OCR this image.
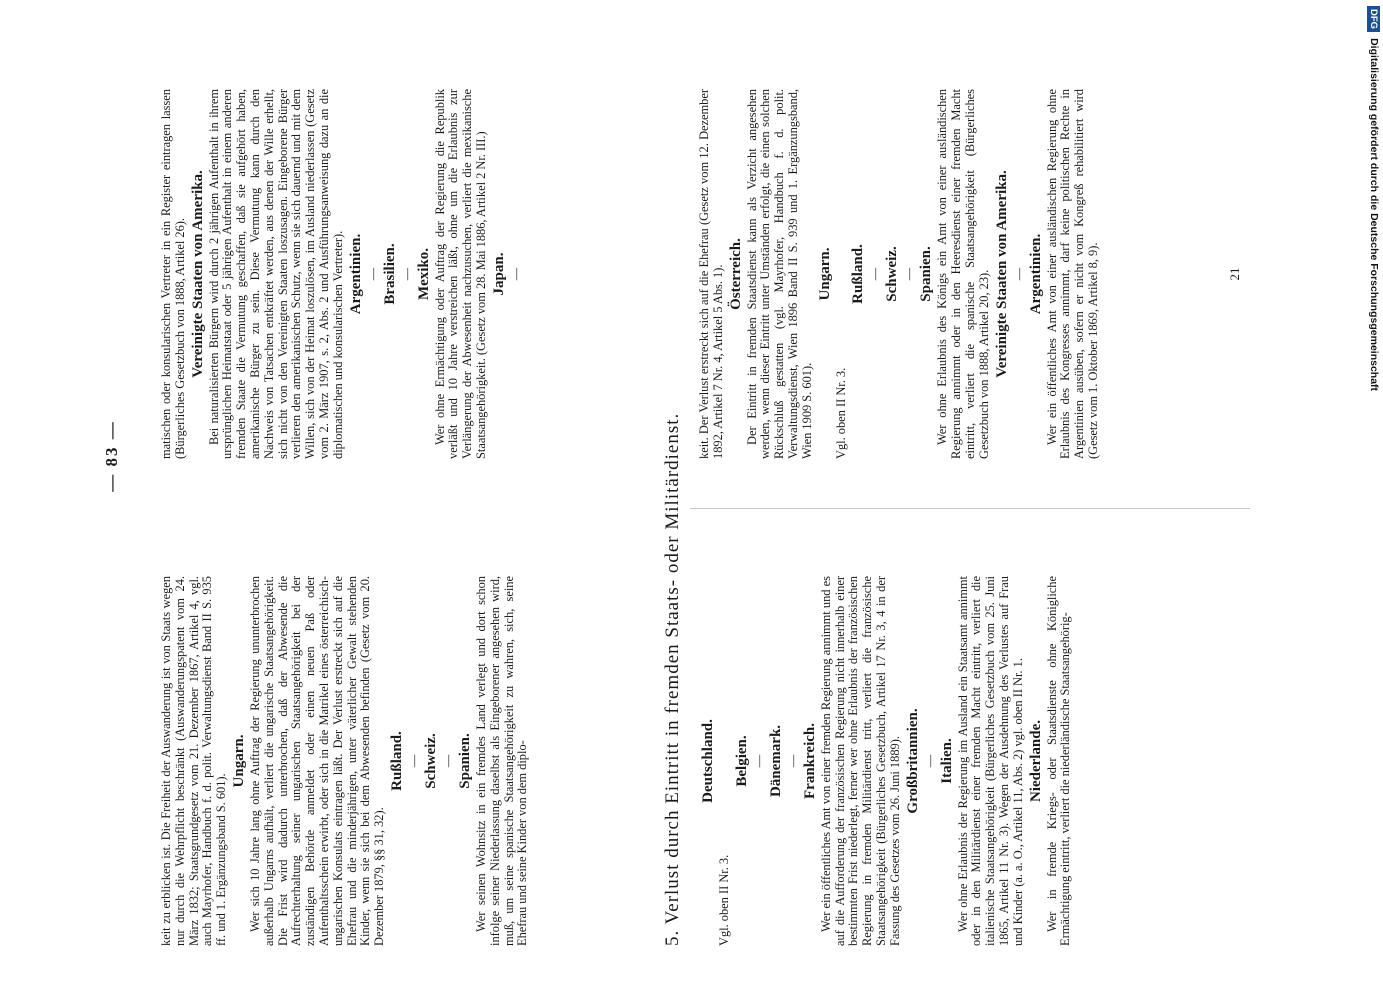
— 83 —
keit zu erblicken ist. Die Freiheit der Auswanderung ist von Staats wegen nur durch die Wehrpflicht beschränkt (Auswanderungspatent vom 24. März 1832; Staatsgrundgesetz vom 21. Dezember 1867, Artikel 4, vgl. auch Mayrhofer, Handbuch f. d. polit. Verwaltungsdienst Band II S. 935 ff. und 1. Ergänzungsband S. 601).
Ungarn. Wer sich 10 Jahre lang ohne Auftrag der Regierung ununterbrochen außerhalb Ungarns aufhält, verliert die ungarische Staatsangehörigkeit. Die Frist wird dadurch unterbrochen, daß der Abwesende die Aufrechterhaltung seiner ungarischen Staatsangehörigkeit bei der zuständigen Behörde anmeldet oder einen neuen Paß oder Aufenthaltsschein erwirbt, oder sich in die Matrikel eines österreichisch-ungarischen Konsulats eintragen läßt. Der Verlust erstreckt sich auf die Ehefrau und die minderjährigen, unter väterlicher Gewalt stehenden Kinder, wenn sie sich bei dem Abwesenden befinden (Gesetz vom 20. Dezember 1879, §§ 31, 32).
Rußland. — Schweiz. — Spanien. Wer seinen Wohnsitz in ein fremdes Land verlegt und dort schon infolge seiner Niederlassung daselbst als Eingeborener angesehen wird, muß, um seine spanische Staatsangehörigkeit zu wahren, sich, seine Ehefrau und seine Kinder von dem diplo-	Deutschland.
Vgl. oben II Nr. 3.
Belgien. — Dänemark. — Frankreich. Wer ein öffentliches Amt von einer fremden Regierung annimmt und es auf die Aufforderung der französischen Regierung nicht innerhalb einer bestimmten Frist niederlegt, ferner wer ohne Erlaubnis der französischen Regierung in fremden Militärdienst tritt, verliert die französische Staatsangehörigkeit (Bürgerliches Gesetzbuch, Artikel 17 Nr. 3, 4 in der Fassung des Gesetzes vom 26. Juni 1889). Großbritannien. — Italien. Wer ohne Erlaubnis der Regierung im Ausland ein Staatsamt annimmt oder in den Militärdienst einer fremden Macht eintritt, verliert die italienische Staatsangehörigkeit (Bürgerliches Gesetzbuch vom 25. Juni 1865, Artikel 11 Nr. 3). Wegen der Ausdehnung des Verlustes auf Frau und Kinder (a. a. O., Artikel 11, Abs. 2) vgl. oben II Nr. 1. Niederlande. Wer in fremde Kriegs- oder Staatsdienste ohne Königliche Ermächtigung eintritt, verliert die niederländische Staatsangehörig-
matischen oder konsularischen Vertreter in ein Register eintragen lassen (Bürgerliches Gesetzbuch von 1888, Artikel 26). Vereinigte Staaten von Amerika. Bei naturalisierten Bürgern wird durch 2 jährigen Aufenthalt in ihrem ursprünglichen Heimatstaat oder 5 jährigen Aufenthalt in einem anderen fremden Staate die Vermutung geschaffen, daß sie aufgehört haben, amerikanische Bürger zu sein. Diese Vermutung kann durch den Nachweis von Tatsachen entkräftet werden, aus denen der Wille erhellt, sich nicht von den Vereinigten Staaten loszusagen. Eingeborene Bürger verlieren den amerikanischen Schutz, wenn sie sich dauernd und mit dem Willen, sich von der Heimat loszulösen, im Ausland niederlassen (Gesetz vom 2. März 1907, s. 2, Abs. 2 und Ausführungsanweisung dazu an die diplomatischen und konsularischen Vertreter). Argentinien. — Brasilien. — Mexiko. Wer ohne Ermächtigung oder Auftrag der Regierung die Republik verläßt und 10 Jahre verstreichen läßt, ohne um die Erlaubnis zur Verlängerung der Abwesenheit nachzusuchen, verliert die mexikanische Staatsangehörigkeit. (Gesetz vom 28. Mai 1886, Artikel 2 Nr. III.) Japan. —	keit. Der Verlust erstreckt sich auf die Ehefrau (Gesetz vom 12. Dezember 1892, Artikel 7 Nr. 4, Artikel 5 Abs. 1). Österreich. Der Eintritt in fremden Staatsdienst kann als Verzicht angesehen werden, wenn dieser Eintritt unter Umständen erfolgt, die einen solchen Rückschluß gestatten (vgl. Mayrhofer, Handbuch f. d. polit. Verwaltungsdienst, Wien 1896 Band II S. 939 und 1. Ergänzungsband, Wien 1909 S. 601).
Ungarn.
Vgl. oben II Nr. 3.
Rußland. — Schweiz. — Spanien. Wer ohne Erlaubnis des Königs ein Amt von einer ausländischen Regierung annimmt oder in den Heeresdienst einer fremden Macht eintritt, verliert die spanische Staatsangehörigkeit (Bürgerliches Gesetzbuch von 1888, Artikel 20, 23). Vereinigte Staaten von Amerika. — Argentinien. Wer ein öffentliches Amt von einer ausländischen Regierung ohne Erlaubnis des Kongresses annimmt, darf keine politischen Rechte in Argentinien ausüben, sofern er nicht vom Kongreß rehabilitiert wird (Gesetz vom 1. Oktober 1869, Artikel 8, 9).	21
5. Verlust durch Eintritt in fremden Staats- oder Militärdienst.
DFGDigitalisierung gefördert durch die Deutsche Forschungsgemeinschaft
